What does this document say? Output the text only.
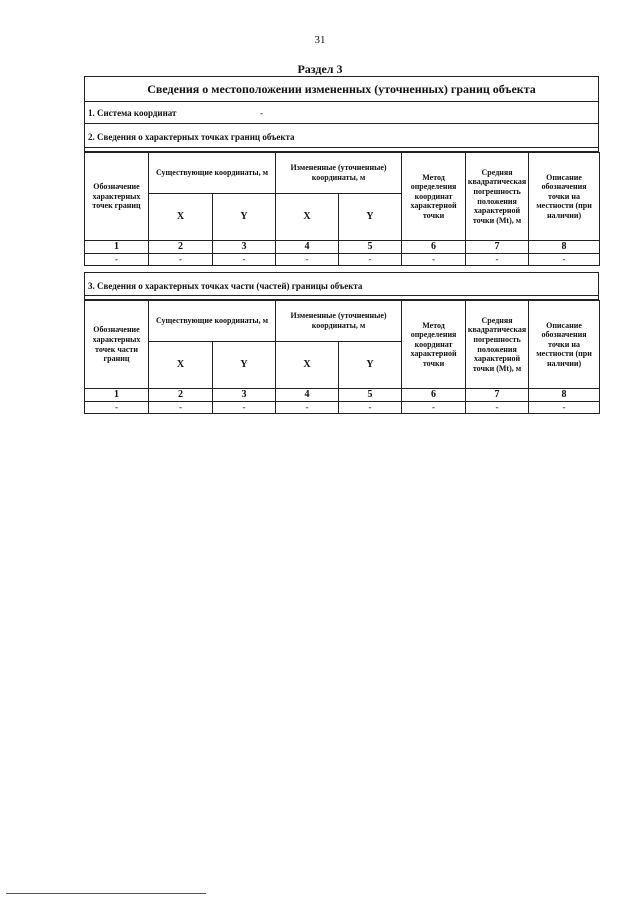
31
Раздел 3
Сведения о местоположении измененных (уточненных) границ объекта
1. Система координат	-
2. Сведения о характерных точках границ объекта
Обозначение характерных точек границ	Существующие координаты, м		Измененные (уточненные) координаты, м		Метод определения координат характерной точки	Средняя квадратическая погрешность положения характерной точки (Mt), м	Описание обозначения точки на местности (при наличии)
	X	Y	X	Y			
1	2	3	4	5	6	7	8
-	-	-	-	-	-	-	-
3. Сведения о характерных точках части (частей) границы объекта
Обозначение характерных точек части границ	Существующие координаты, м		Измененные (уточненные) координаты, м		Метод определения координат характерной точки	Средняя квадратическая погрешность положения характерной точки (Mt), м	Описание обозначения точки на местности (при наличии)
	X	Y	X	Y			
1	2	3	4	5	6	7	8
-	-	-	-	-	-	-	-
